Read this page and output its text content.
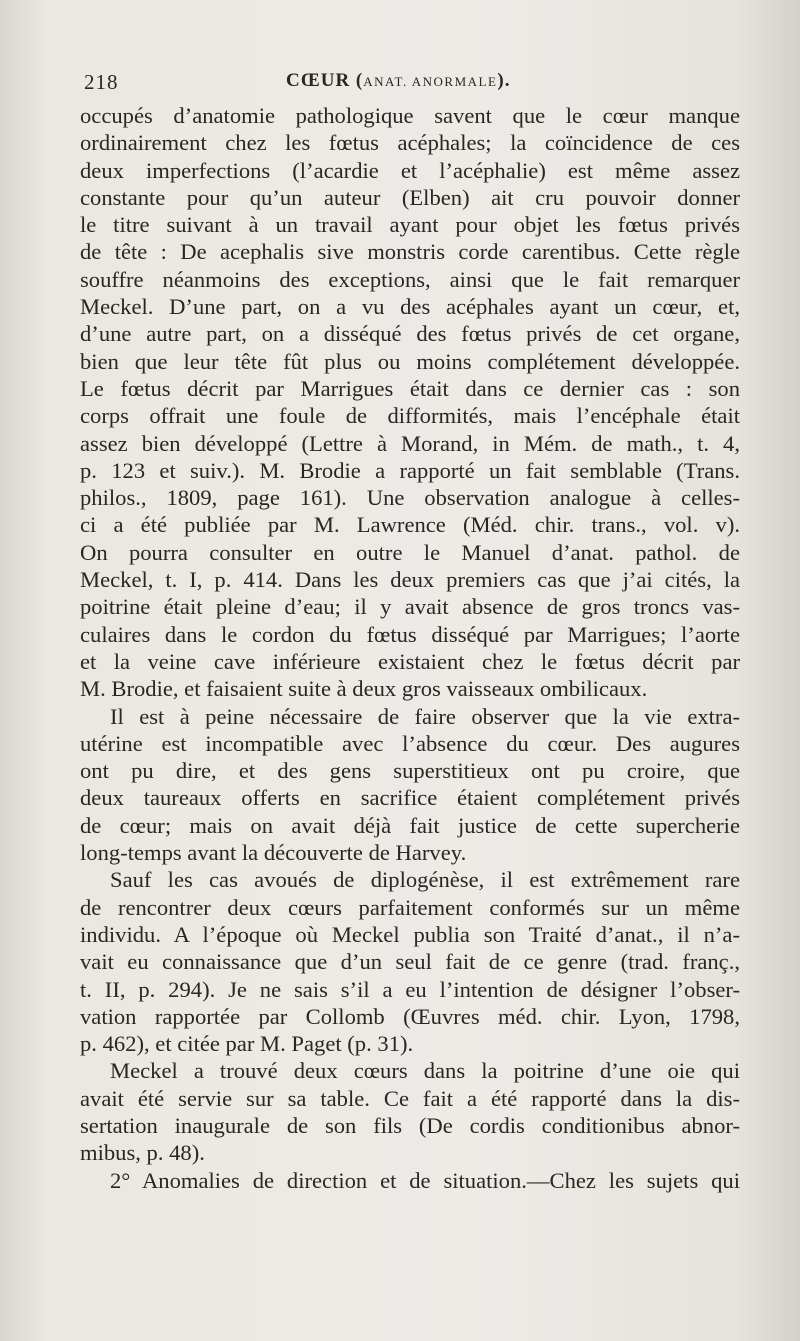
218	CŒUR (ANAT. ANORMALE).
occupés d’anatomie pathologique savent que le cœur manque
ordinairement chez les fœtus acéphales; la coïncidence de ces
deux imperfections (l’acardie et l’acéphalie) est même assez
constante pour qu’un auteur (Elben) ait cru pouvoir donner
le titre suivant à un travail ayant pour objet les fœtus privés
de tête : De acephalis sive monstris corde carentibus. Cette règle
souffre néanmoins des exceptions, ainsi que le fait remarquer
Meckel. D’une part, on a vu des acéphales ayant un cœur, et,
d’une autre part, on a disséqué des fœtus privés de cet organe,
bien que leur tête fût plus ou moins complétement développée.
Le fœtus décrit par Marrigues était dans ce dernier cas : son
corps offrait une foule de difformités, mais l’encéphale était
assez bien développé (Lettre à Morand, in Mém. de math., t. 4,
p. 123 et suiv.). M. Brodie a rapporté un fait semblable (Trans.
philos., 1809, page 161). Une observation analogue à celles-
ci a été publiée par M. Lawrence (Méd. chir. trans., vol. v).
On pourra consulter en outre le Manuel d’anat. pathol. de
Meckel, t. I, p. 414. Dans les deux premiers cas que j’ai cités, la
poitrine était pleine d’eau; il y avait absence de gros troncs vas-
culaires dans le cordon du fœtus disséqué par Marrigues; l’aorte
et la veine cave inférieure existaient chez le fœtus décrit par
M. Brodie, et faisaient suite à deux gros vaisseaux ombilicaux.
Il est à peine nécessaire de faire observer que la vie extra-
utérine est incompatible avec l’absence du cœur. Des augures
ont pu dire, et des gens superstitieux ont pu croire, que
deux taureaux offerts en sacrifice étaient complétement privés
de cœur; mais on avait déjà fait justice de cette supercherie
long-temps avant la découverte de Harvey.
Sauf les cas avoués de diplogénèse, il est extrêmement rare
de rencontrer deux cœurs parfaitement conformés sur un même
individu. A l’époque où Meckel publia son Traité d’anat., il n’a-
vait eu connaissance que d’un seul fait de ce genre (trad. franç.,
t. II, p. 294). Je ne sais s’il a eu l’intention de désigner l’obser-
vation rapportée par Collomb (Œuvres méd. chir. Lyon, 1798,
p. 462), et citée par M. Paget (p. 31).
Meckel a trouvé deux cœurs dans la poitrine d’une oie qui
avait été servie sur sa table. Ce fait a été rapporté dans la dis-
sertation inaugurale de son fils (De cordis conditionibus abnor-
mibus, p. 48).
2° Anomalies de direction et de situation.—Chez les sujets qui
